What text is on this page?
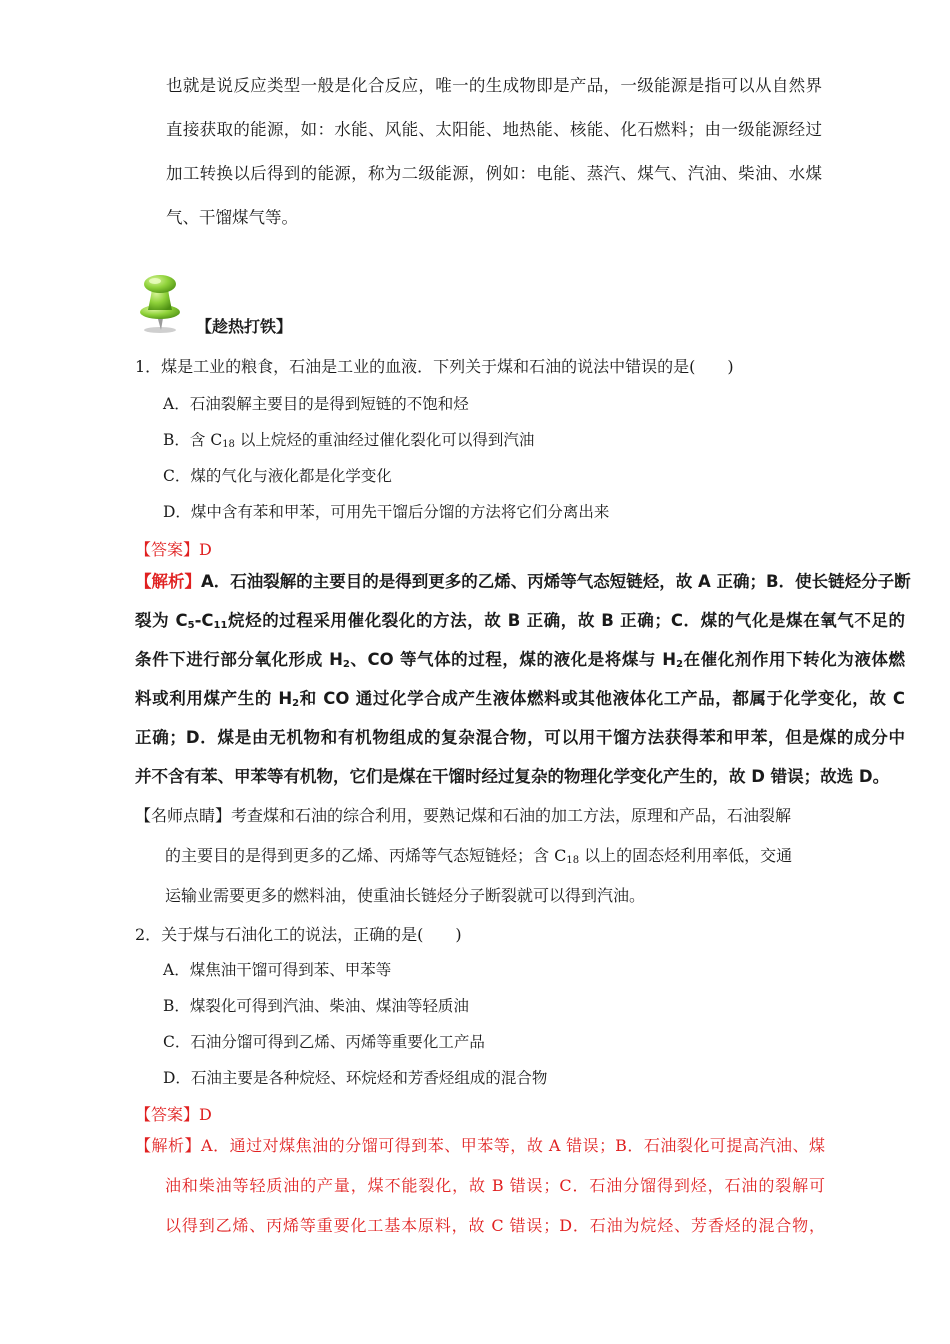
也就是说反应类型一般是化合反应，唯一的生成物即是产品，一级能源是指可以从自然界
直接获取的能源，如：水能、风能、太阳能、地热能、核能、化石燃料；由一级能源经过
加工转换以后得到的能源，称为二级能源，例如：电能、蒸汽、煤气、汽油、柴油、水煤
气、干馏煤气等。
【趁热打铁】
1．煤是工业的粮食，石油是工业的血液．下列关于煤和石油的说法中错误的是(　　)
A．石油裂解主要目的是得到短链的不饱和烃
B．含 $C_{18}$ 以上烷烃的重油经过催化裂化可以得到汽油
C．煤的气化与液化都是化学变化
D．煤中含有苯和甲苯，可用先干馏后分馏的方法将它们分离出来
【答案】D
【解析】A．石油裂解的主要目的是得到更多的乙烯、丙烯等气态短链烃，故 A 正确；B．使长链烃分子断
裂为 $C_5-C_{11}$烷烃的过程采用催化裂化的方法，故 B 正确，故 B 正确；C．煤的气化是煤在氧气不足的
条件下进行部分氧化形成 $H_2$、CO 等气体的过程，煤的液化是将煤与 $H_2$在催化剂作用下转化为液体燃
料或利用煤产生的 $H_2$和 CO 通过化学合成产生液体燃料或其他液体化工产品，都属于化学变化，故 C
正确；D．煤是由无机物和有机物组成的复杂混合物，可以用干馏方法获得苯和甲苯，但是煤的成分中
并不含有苯、甲苯等有机物，它们是煤在干馏时经过复杂的物理化学变化产生的，故 D 错误；故选 D。
【名师点睛】考查煤和石油的综合利用，要熟记煤和石油的加工方法，原理和产品，石油裂解
的主要目的是得到更多的乙烯、丙烯等气态短链烃；含 $C_{18}$ 以上的固态烃利用率低，交通
运输业需要更多的燃料油，使重油长链烃分子断裂就可以得到汽油。
2．关于煤与石油化工的说法，正确的是(　　)
A．煤焦油干馏可得到苯、甲苯等
B．煤裂化可得到汽油、柴油、煤油等轻质油
C．石油分馏可得到乙烯、丙烯等重要化工产品
D．石油主要是各种烷烃、环烷烃和芳香烃组成的混合物
【答案】D
【解析】A．通过对煤焦油的分馏可得到苯、甲苯等，故 A 错误；B．石油裂化可提高汽油、煤
油和柴油等轻质油的产量，煤不能裂化，故 B 错误；C．石油分馏得到烃，石油的裂解可
以得到乙烯、丙烯等重要化工基本原料，故 C 错误；D．石油为烷烃、芳香烃的混合物，
